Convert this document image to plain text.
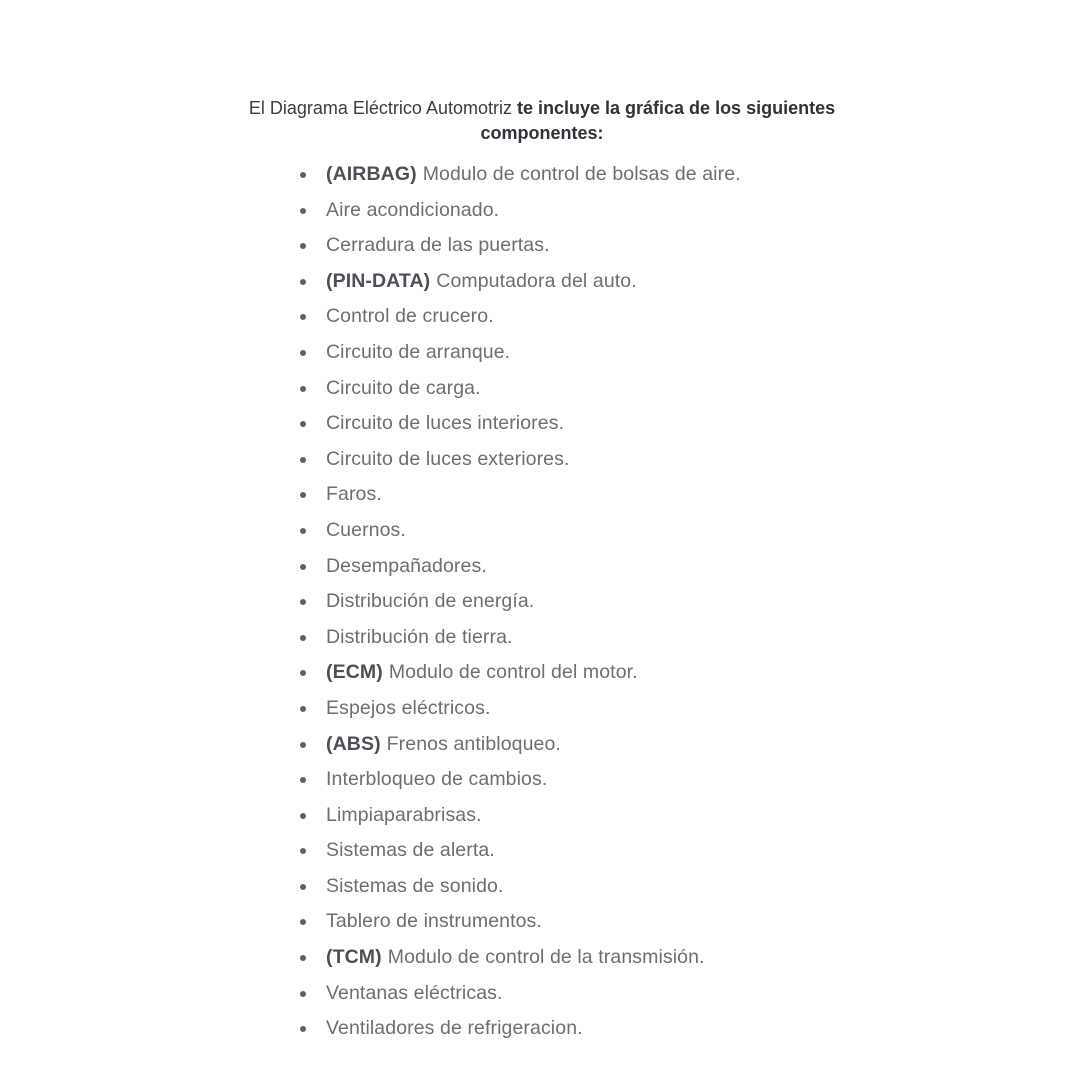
El Diagrama Eléctrico Automotriz te incluye la gráfica de los siguientes componentes:

(AIRBAG) Modulo de control de bolsas de aire.
Aire acondicionado.
Cerradura de las puertas.
(PIN-DATA) Computadora del auto.
Control de crucero.
Circuito de arranque.
Circuito de carga.
Circuito de luces interiores.
Circuito de luces exteriores.
Faros.
Cuernos.
Desempañadores.
Distribución de energía.
Distribución de tierra.
(ECM) Modulo de control del motor.
Espejos eléctricos.
(ABS) Frenos antibloqueo.
Interbloqueo de cambios.
Limpiaparabrisas.
Sistemas de alerta.
Sistemas de sonido.
Tablero de instrumentos.
(TCM) Modulo de control de la transmisión.
Ventanas eléctricas.
Ventiladores de refrigeracion.
